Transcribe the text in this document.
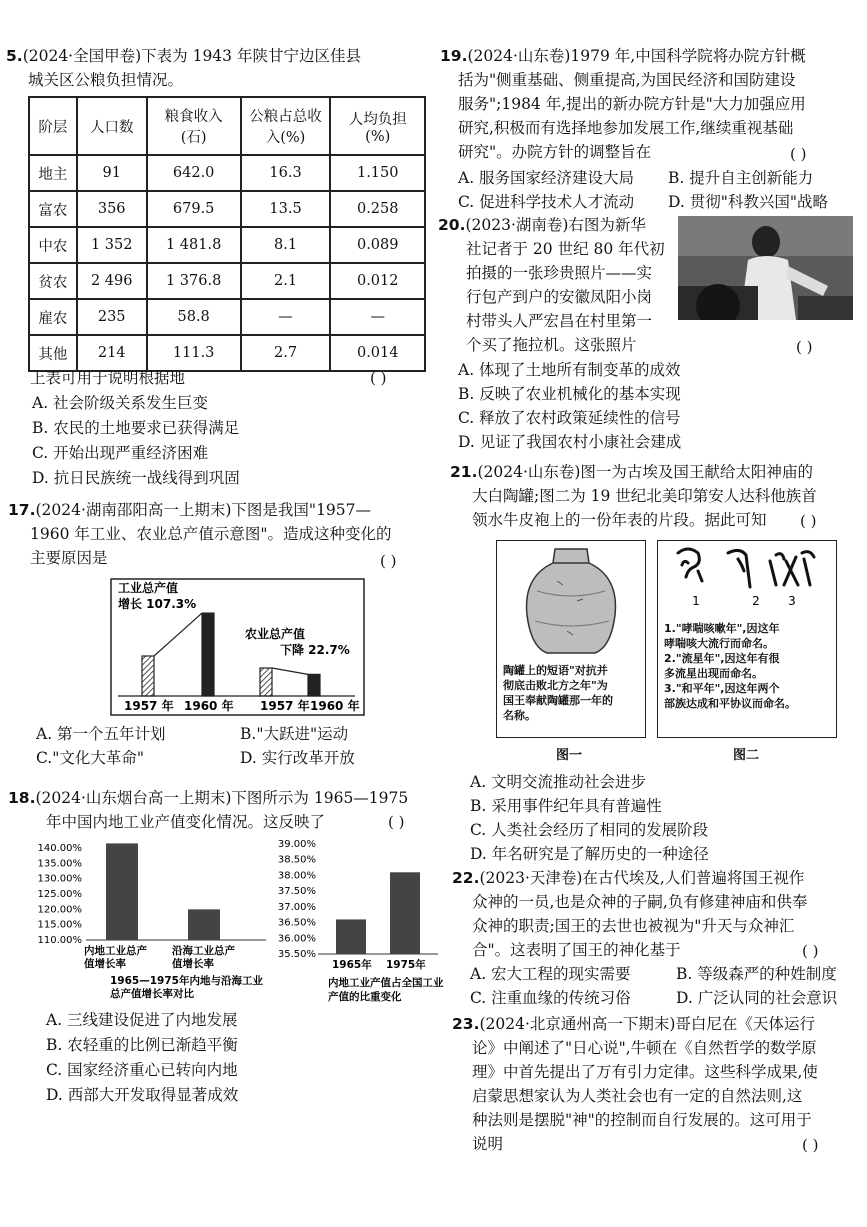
5.(2024·全国甲卷)下表为 1943 年陕甘宁边区佳县
城关区公粮负担情况。
阶层	人口数	粮食收入(石)	公粮占总收入(%)	人均负担(%)
地主	91	642.0	16.3	1.150
富农	356	679.5	13.5	0.258
中农	1 352	1 481.8	8.1	0.089
贫农	2 496	1 376.8	2.1	0.012
雇农	235	58.8	—	—
其他	214	111.3	2.7	0.014
上表可用于说明根据地	( )
A. 社会阶级关系发生巨变
B. 农民的土地要求已获得满足
C. 开始出现严重经济困难
D. 抗日民族统一战线得到巩固
17.(2024·湖南邵阳高一上期末)下图是我国"1957—
1960 年工业、农业总产值示意图"。造成这种变化的
主要原因是	( )
1957 年 1960 年 1957 年 1960 年
工业总产值
增长 107.3%
农业总产值
下降 22.7%
A. 第一个五年计划	B."大跃进"运动
C."文化大革命"	D. 实行改革开放
18.(2024·山东烟台高一上期末)下图所示为 1965—1975
年中国内地工业产值变化情况。这反映了	( )
140.00%
135.00%
130.00%
125.00%
120.00%
115.00%
110.00%
内地工业总产
值增长率
沿海工业总产
值增长率
1965—1975年内地与沿海工业
总产值增长率对比
39.00%
38.50%
38.00%
37.50%
37.00%
36.50%
36.00%
35.50%
1965年 1975年
内地工业产值占全国工业
产值的比重变化
A. 三线建设促进了内地发展
B. 农轻重的比例已渐趋平衡
C. 国家经济重心已转向内地
D. 西部大开发取得显著成效
19.(2024·山东卷)1979 年,中国科学院将办院方针概
括为"侧重基础、侧重提高,为国民经济和国防建设
服务";1984 年,提出的新办院方针是"大力加强应用
研究,积极而有选择地参加发展工作,继续重视基础
研究"。办院方针的调整旨在	( )
A. 服务国家经济建设大局 B. 提升自主创新能力
C. 促进科学技术人才流动 D. 贯彻"科教兴国"战略
20.(2023·湖南卷)右图为新华
社记者于 20 世纪 80 年代初
拍摄的一张珍贵照片——实
行包产到户的安徽凤阳小岗
村带头人严宏昌在村里第一
个买了拖拉机。这张照片	( )
A. 体现了土地所有制变革的成效
B. 反映了农业机械化的基本实现
C. 释放了农村政策延续性的信号
D. 见证了我国农村小康社会建成
21.(2024·山东卷)图一为古埃及国王献给太阳神庙的
大白陶罐;图二为 19 世纪北美印第安人达科他族首
领水牛皮袍上的一份年表的片段。据此可知	( )
陶罐上的短语"对抗并
彻底击败北方之年"为
国王奉献陶罐那一年的
名称。
图一
1	2 3
1."哮喘咳嗽年",因这年
哮喘咳大流行而命名。
2."流星年",因这年有很
多流星出现而命名。
3."和平年",因这年两个
部族达成和平协议而命名。
图二
A. 文明交流推动社会进步
B. 采用事件纪年具有普遍性
C. 人类社会经历了相同的发展阶段
D. 年名研究是了解历史的一种途径
22.(2023·天津卷)在古代埃及,人们普遍将国王视作
众神的一员,也是众神的子嗣,负有修建神庙和供奉
众神的职责;国王的去世也被视为"升天与众神汇
合"。这表明了国王的神化基于	( )
A. 宏大工程的现实需要	B. 等级森严的种姓制度
C. 注重血缘的传统习俗	D. 广泛认同的社会意识
23.(2024·北京通州高一下期末)哥白尼在《天体运行
论》中阐述了"日心说",牛顿在《自然哲学的数学原
理》中首先提出了万有引力定律。这些科学成果,使
启蒙思想家认为人类社会也有一定的自然法则,这
种法则是摆脱"神"的控制而自行发展的。这可用于
说明	( )
